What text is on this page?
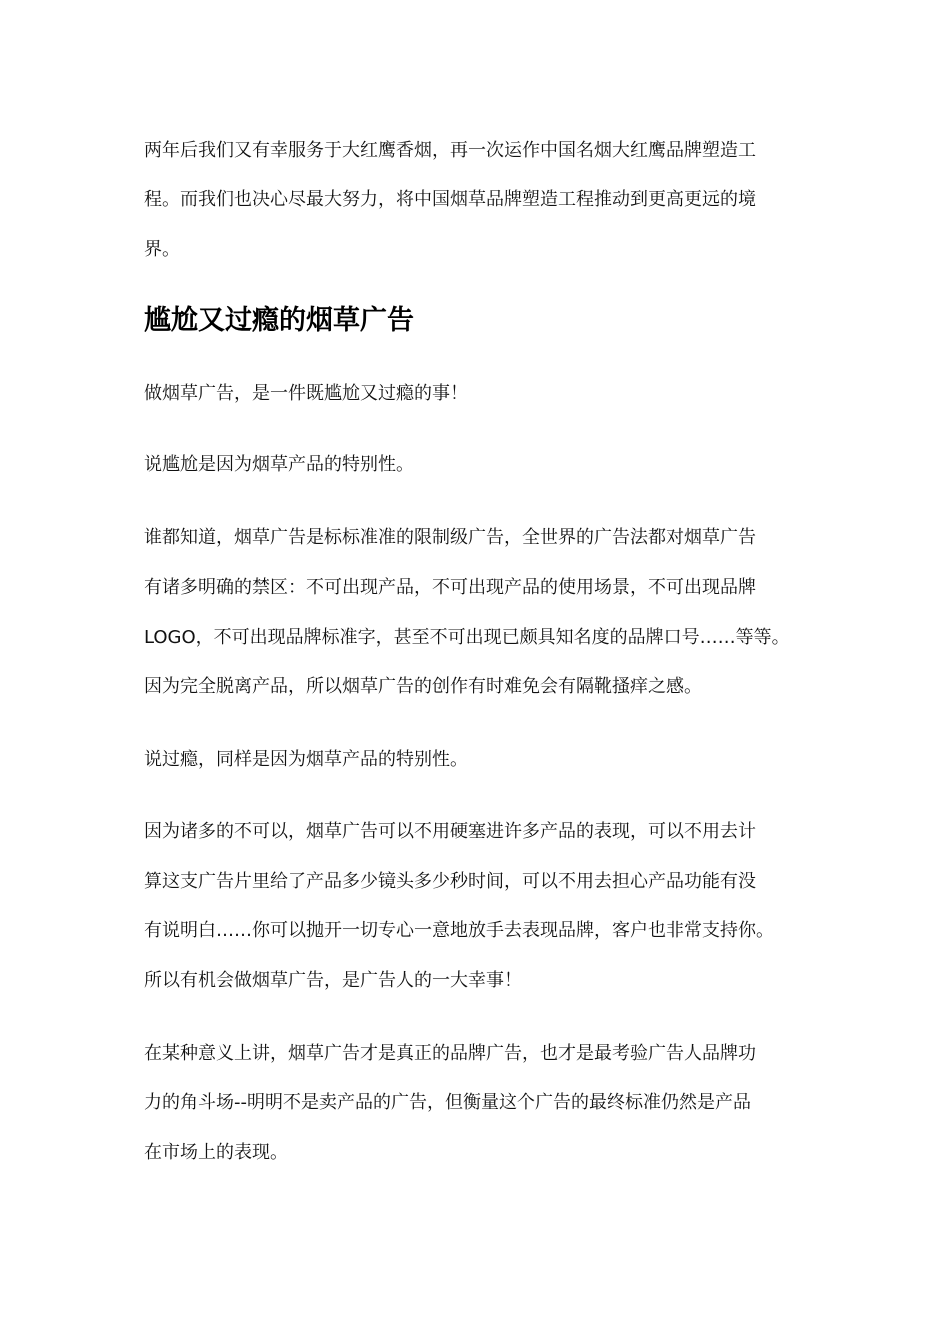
两年后我们又有幸服务于大红鹰香烟，再一次运作中国名烟大红鹰品牌塑造工
程。而我们也决心尽最大努力，将中国烟草品牌塑造工程推动到更高更远的境
界。
尴尬又过瘾的烟草广告
做烟草广告，是一件既尴尬又过瘾的事！
说尴尬是因为烟草产品的特别性。
谁都知道，烟草广告是标标准准的限制级广告，全世界的广告法都对烟草广告
有诸多明确的禁区：不可出现产品，不可出现产品的使用场景，不可出现品牌
LOGO，不可出现品牌标准字，甚至不可出现已颇具知名度的品牌口号……等等。
因为完全脱离产品，所以烟草广告的创作有时难免会有隔靴搔痒之感。
说过瘾，同样是因为烟草产品的特别性。
因为诸多的不可以，烟草广告可以不用硬塞进许多产品的表现，可以不用去计
算这支广告片里给了产品多少镜头多少秒时间，可以不用去担心产品功能有没
有说明白……你可以抛开一切专心一意地放手去表现品牌，客户也非常支持你。
所以有机会做烟草广告，是广告人的一大幸事！
在某种意义上讲，烟草广告才是真正的品牌广告，也才是最考验广告人品牌功
力的角斗场--明明不是卖产品的广告，但衡量这个广告的最终标准仍然是产品
在市场上的表现。
